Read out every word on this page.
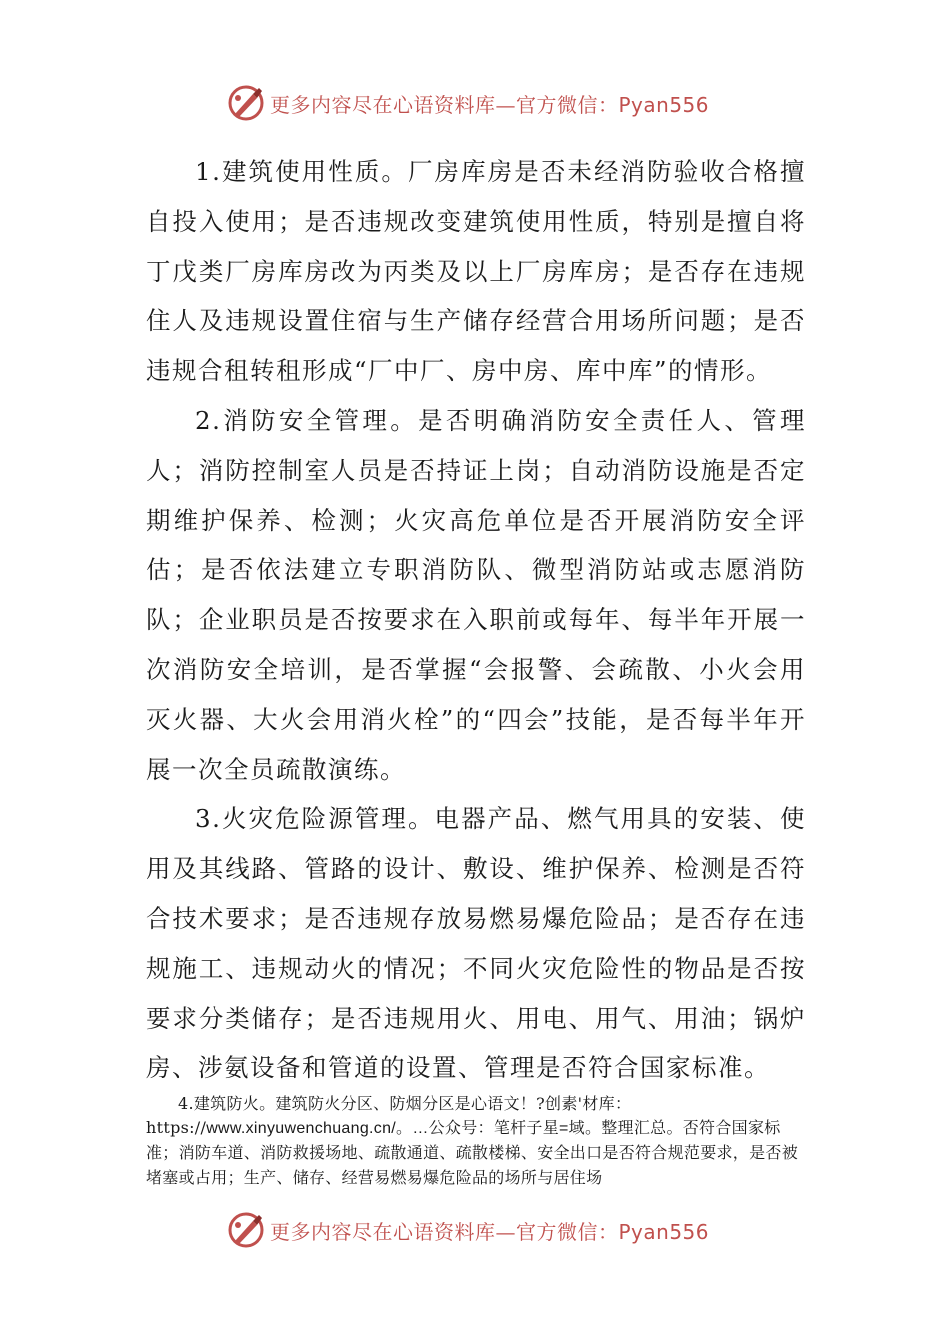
更多内容尽在心语资料库—官方微信：Pyan556

1.建筑使用性质。厂房库房是否未经消防验收合格擅自投入使用；是否违规改变建筑使用性质，特别是擅自将丁戊类厂房库房改为丙类及以上厂房库房；是否存在违规住人及违规设置住宿与生产储存经营合用场所问题；是否违规合租转租形成“厂中厂、房中房、库中库”的情形。

2.消防安全管理。是否明确消防安全责任人、管理人；消防控制室人员是否持证上岗；自动消防设施是否定期维护保养、检测；火灾高危单位是否开展消防安全评估；是否依法建立专职消防队、微型消防站或志愿消防队；企业职员是否按要求在入职前或每年、每半年开展一次消防安全培训，是否掌握“会报警、会疏散、小火会用灭火器、大火会用消火栓”的“四会”技能，是否每半年开展一次全员疏散演练。

3.火灾危险源管理。电器产品、燃气用具的安装、使用及其线路、管路的设计、敷设、维护保养、检测是否符合技术要求；是否违规存放易燃易爆危险品；是否存在违规施工、违规动火的情况；不同火灾危险性的物品是否按要求分类储存；是否违规用火、用电、用气、用油；锅炉房、涉氨设备和管道的设置、管理是否符合国家标准。

4.建筑防火。建筑防火分区、防烟分区是心语文！?创素'材库：https://www.xinyuwenchuang.cn/。…公众号：笔杆子星=域。整理汇总。否符合国家标准；消防车道、消防救援场地、疏散通道、疏散楼梯、安全出口是否符合规范要求，是否被堵塞或占用；生产、储存、经营易燃易爆危险品的场所与居住场

更多内容尽在心语资料库—官方微信：Pyan556
